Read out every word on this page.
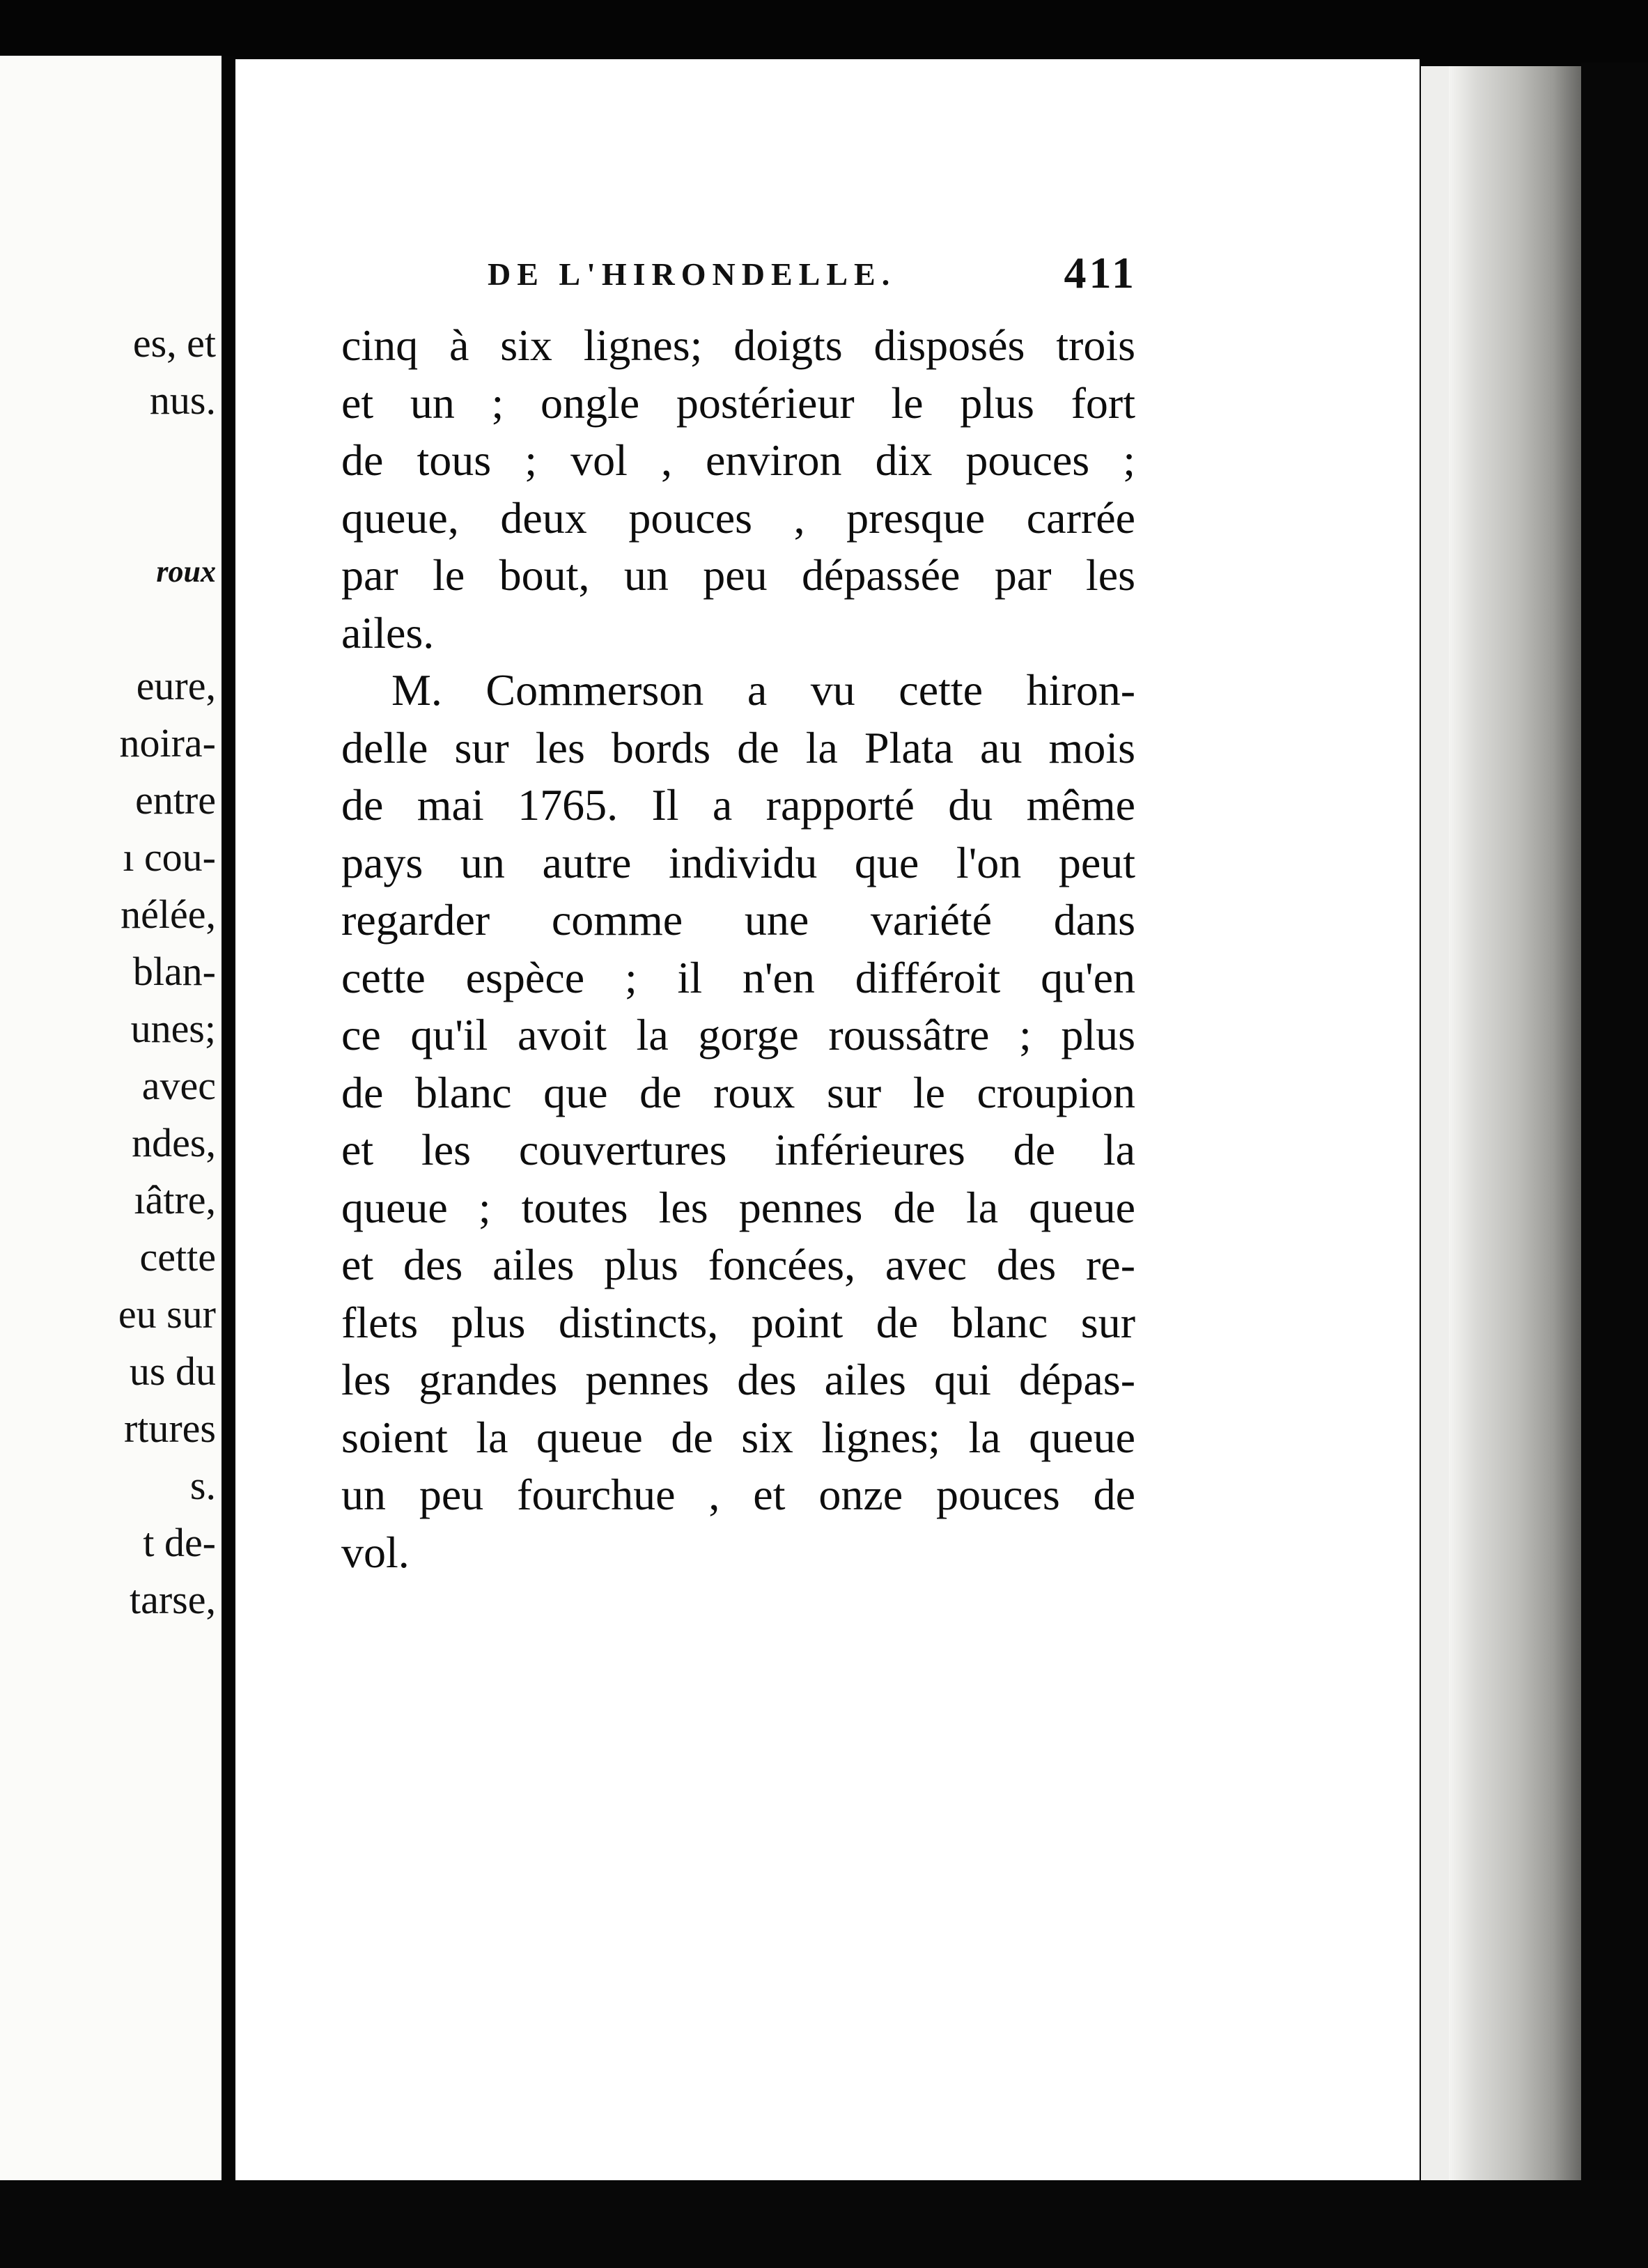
es, et
nus.
roux
eure,
noira-
entre
ı cou-
nélée,
blan-
unes;
avec
ndes,
ıâtre,
cette
eu sur
us du
rtures
s.
t de-
tarse,
DE L'HIRONDELLE.	411
cinq à six lignes; doigts disposés trois
et un ; ongle postérieur le plus fort
de tous ; vol , environ dix pouces ;
queue, deux pouces , presque carrée
par le bout, un peu dépassée par les
ailes.
M. Commerson a vu cette hiron-
delle sur les bords de la Plata au mois
de mai 1765. Il a rapporté du même
pays un autre individu que l'on peut
regarder comme une variété dans
cette espèce ; il n'en différoit qu'en
ce qu'il avoit la gorge roussâtre ; plus
de blanc que de roux sur le croupion
et les couvertures inférieures de la
queue ; toutes les pennes de la queue
et des ailes plus foncées, avec des re-
flets plus distincts, point de blanc sur
les grandes pennes des ailes qui dépas-
soient la queue de six lignes; la queue
un peu fourchue , et onze pouces de
vol.
